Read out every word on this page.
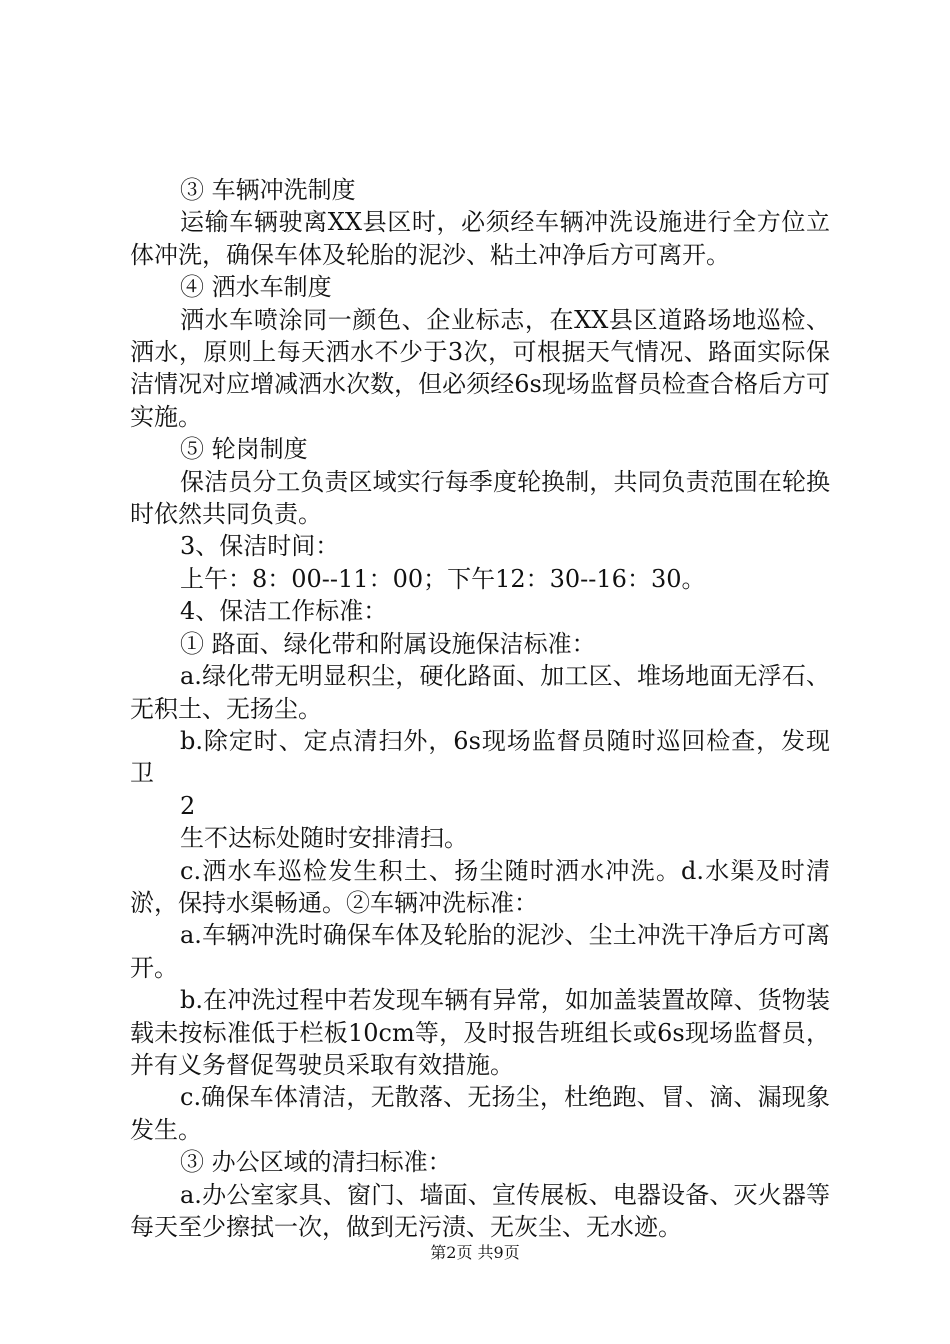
③ 车辆冲洗制度

运输车辆驶离XX县区时，必须经车辆冲洗设施进行全方位立体冲洗，确保车体及轮胎的泥沙、粘土冲净后方可离开。

④ 洒水车制度

洒水车喷涂同一颜色、企业标志，在XX县区道路场地巡检、洒水，原则上每天洒水不少于3次，可根据天气情况、路面实际保洁情况对应增减洒水次数，但必须经6s现场监督员检查合格后方可实施。

⑤ 轮岗制度

保洁员分工负责区域实行每季度轮换制，共同负责范围在轮换时依然共同负责。

3、保洁时间：

上午：8：00--11：00；下午12：30--16：30。

4、保洁工作标准：

① 路面、绿化带和附属设施保洁标准：

a.绿化带无明显积尘，硬化路面、加工区、堆场地面无浮石、无积土、无扬尘。

b.除定时、定点清扫外，6s现场监督员随时巡回检查，发现卫

2

生不达标处随时安排清扫。

c.洒水车巡检发生积土、扬尘随时洒水冲洗。d.水渠及时清淤，保持水渠畅通。②车辆冲洗标准：

a.车辆冲洗时确保车体及轮胎的泥沙、尘土冲洗干净后方可离开。

b.在冲洗过程中若发现车辆有异常，如加盖装置故障、货物装载未按标准低于栏板10cm等，及时报告班组长或6s现场监督员，并有义务督促驾驶员采取有效措施。

c.确保车体清洁，无散落、无扬尘，杜绝跑、冒、滴、漏现象发生。

③ 办公区域的清扫标准：

a.办公室家具、窗门、墙面、宣传展板、电器设备、灭火器等每天至少擦拭一次，做到无污渍、无灰尘、无水迹。

第2页 共9页
